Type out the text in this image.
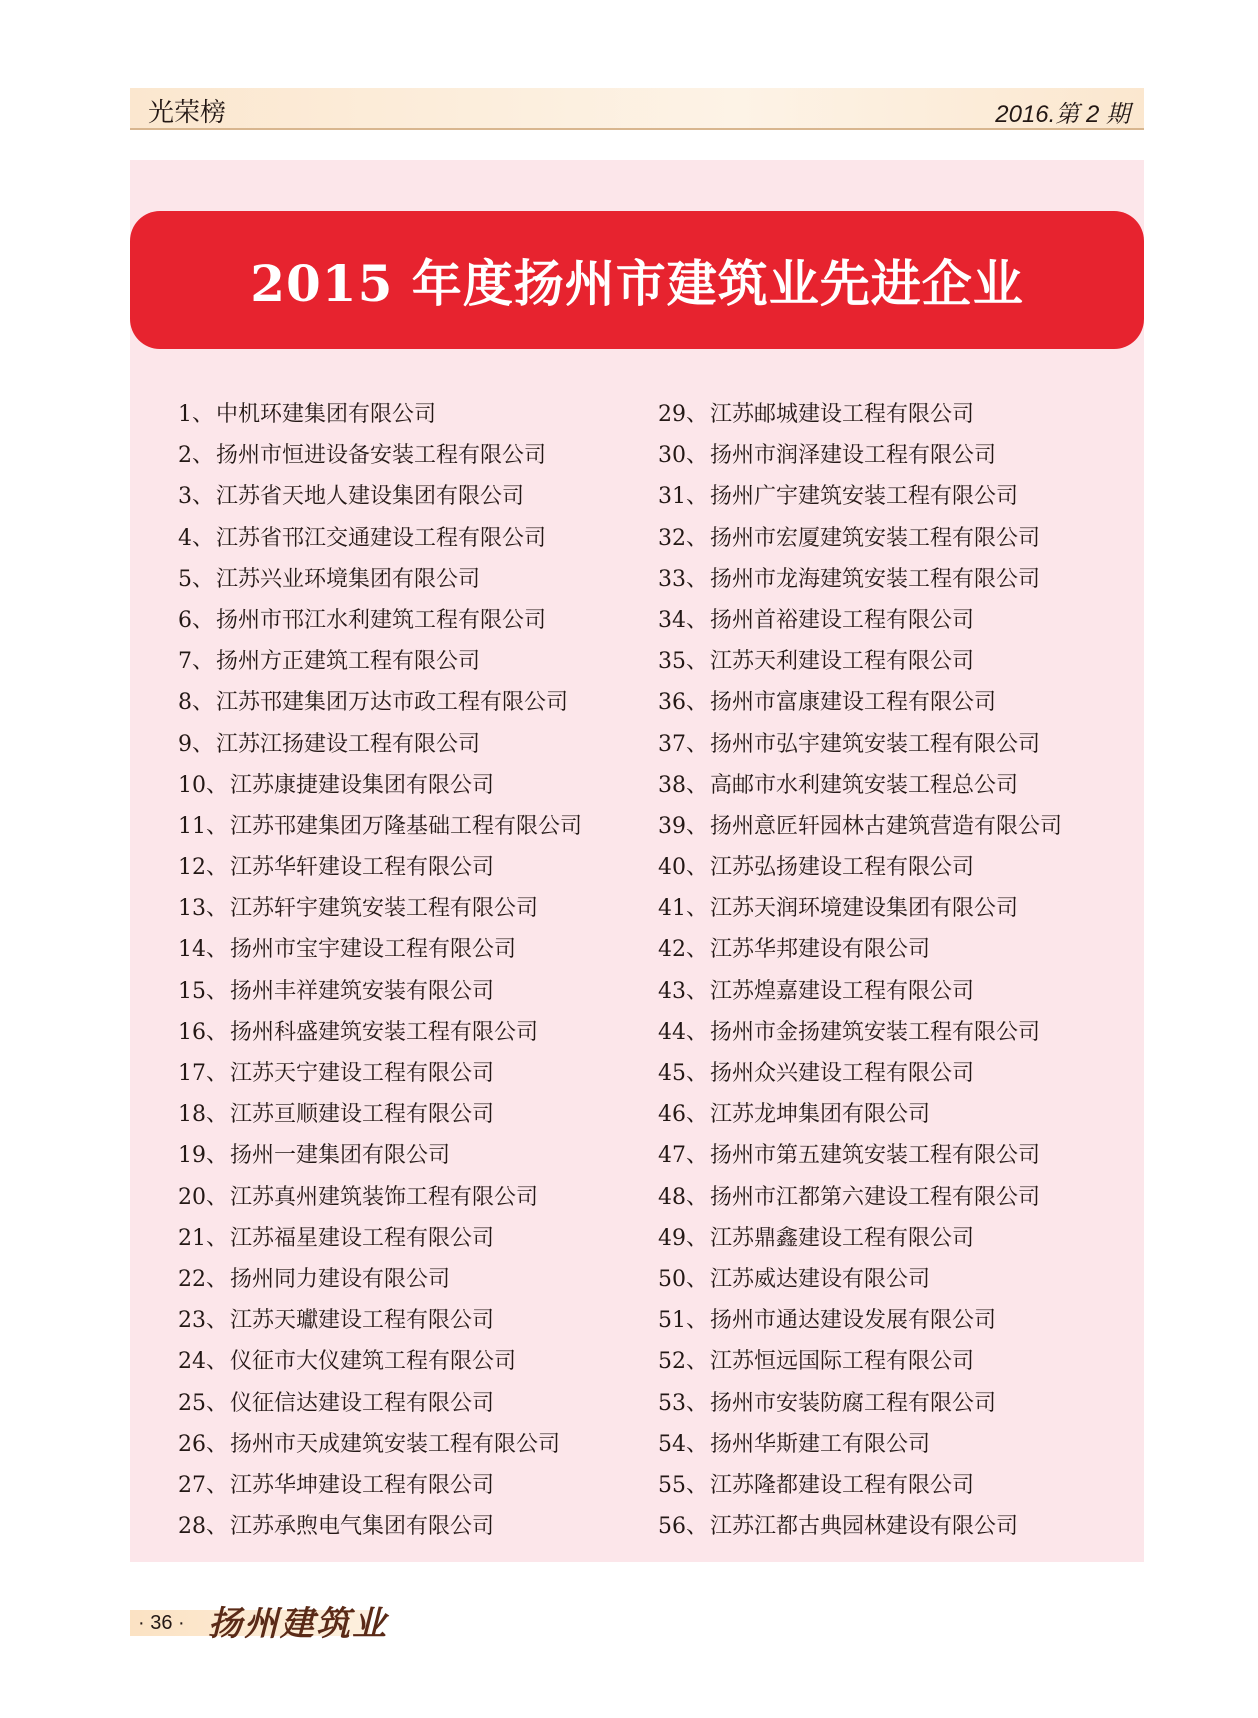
光荣榜	2016.第 2 期
2015 年度扬州市建筑业先进企业
1、中机环建集团有限公司
2、扬州市恒进设备安装工程有限公司
3、江苏省天地人建设集团有限公司
4、江苏省邗江交通建设工程有限公司
5、江苏兴业环境集团有限公司
6、扬州市邗江水利建筑工程有限公司
7、扬州方正建筑工程有限公司
8、江苏邗建集团万达市政工程有限公司
9、江苏江扬建设工程有限公司
10、江苏康捷建设集团有限公司
11、江苏邗建集团万隆基础工程有限公司
12、江苏华轩建设工程有限公司
13、江苏轩宇建筑安装工程有限公司
14、扬州市宝宇建设工程有限公司
15、扬州丰祥建筑安装有限公司
16、扬州科盛建筑安装工程有限公司
17、江苏天宁建设工程有限公司
18、江苏亘顺建设工程有限公司
19、扬州一建集团有限公司
20、江苏真州建筑装饰工程有限公司
21、江苏福星建设工程有限公司
22、扬州同力建设有限公司
23、江苏天瓛建设工程有限公司
24、仪征市大仪建筑工程有限公司
25、仪征信达建设工程有限公司
26、扬州市天成建筑安装工程有限公司
27、江苏华坤建设工程有限公司
28、江苏承煦电气集团有限公司
29、江苏邮城建设工程有限公司
30、扬州市润泽建设工程有限公司
31、扬州广宇建筑安装工程有限公司
32、扬州市宏厦建筑安装工程有限公司
33、扬州市龙海建筑安装工程有限公司
34、扬州首裕建设工程有限公司
35、江苏天利建设工程有限公司
36、扬州市富康建设工程有限公司
37、扬州市弘宇建筑安装工程有限公司
38、高邮市水利建筑安装工程总公司
39、扬州意匠轩园林古建筑营造有限公司
40、江苏弘扬建设工程有限公司
41、江苏天润环境建设集团有限公司
42、江苏华邦建设有限公司
43、江苏煌嘉建设工程有限公司
44、扬州市金扬建筑安装工程有限公司
45、扬州众兴建设工程有限公司
46、江苏龙坤集团有限公司
47、扬州市第五建筑安装工程有限公司
48、扬州市江都第六建设工程有限公司
49、江苏鼎鑫建设工程有限公司
50、江苏威达建设有限公司
51、扬州市通达建设发展有限公司
52、江苏恒远国际工程有限公司
53、扬州市安装防腐工程有限公司
54、扬州华斯建工有限公司
55、江苏隆都建设工程有限公司
56、江苏江都古典园林建设有限公司
· 36 · 扬州建筑业
